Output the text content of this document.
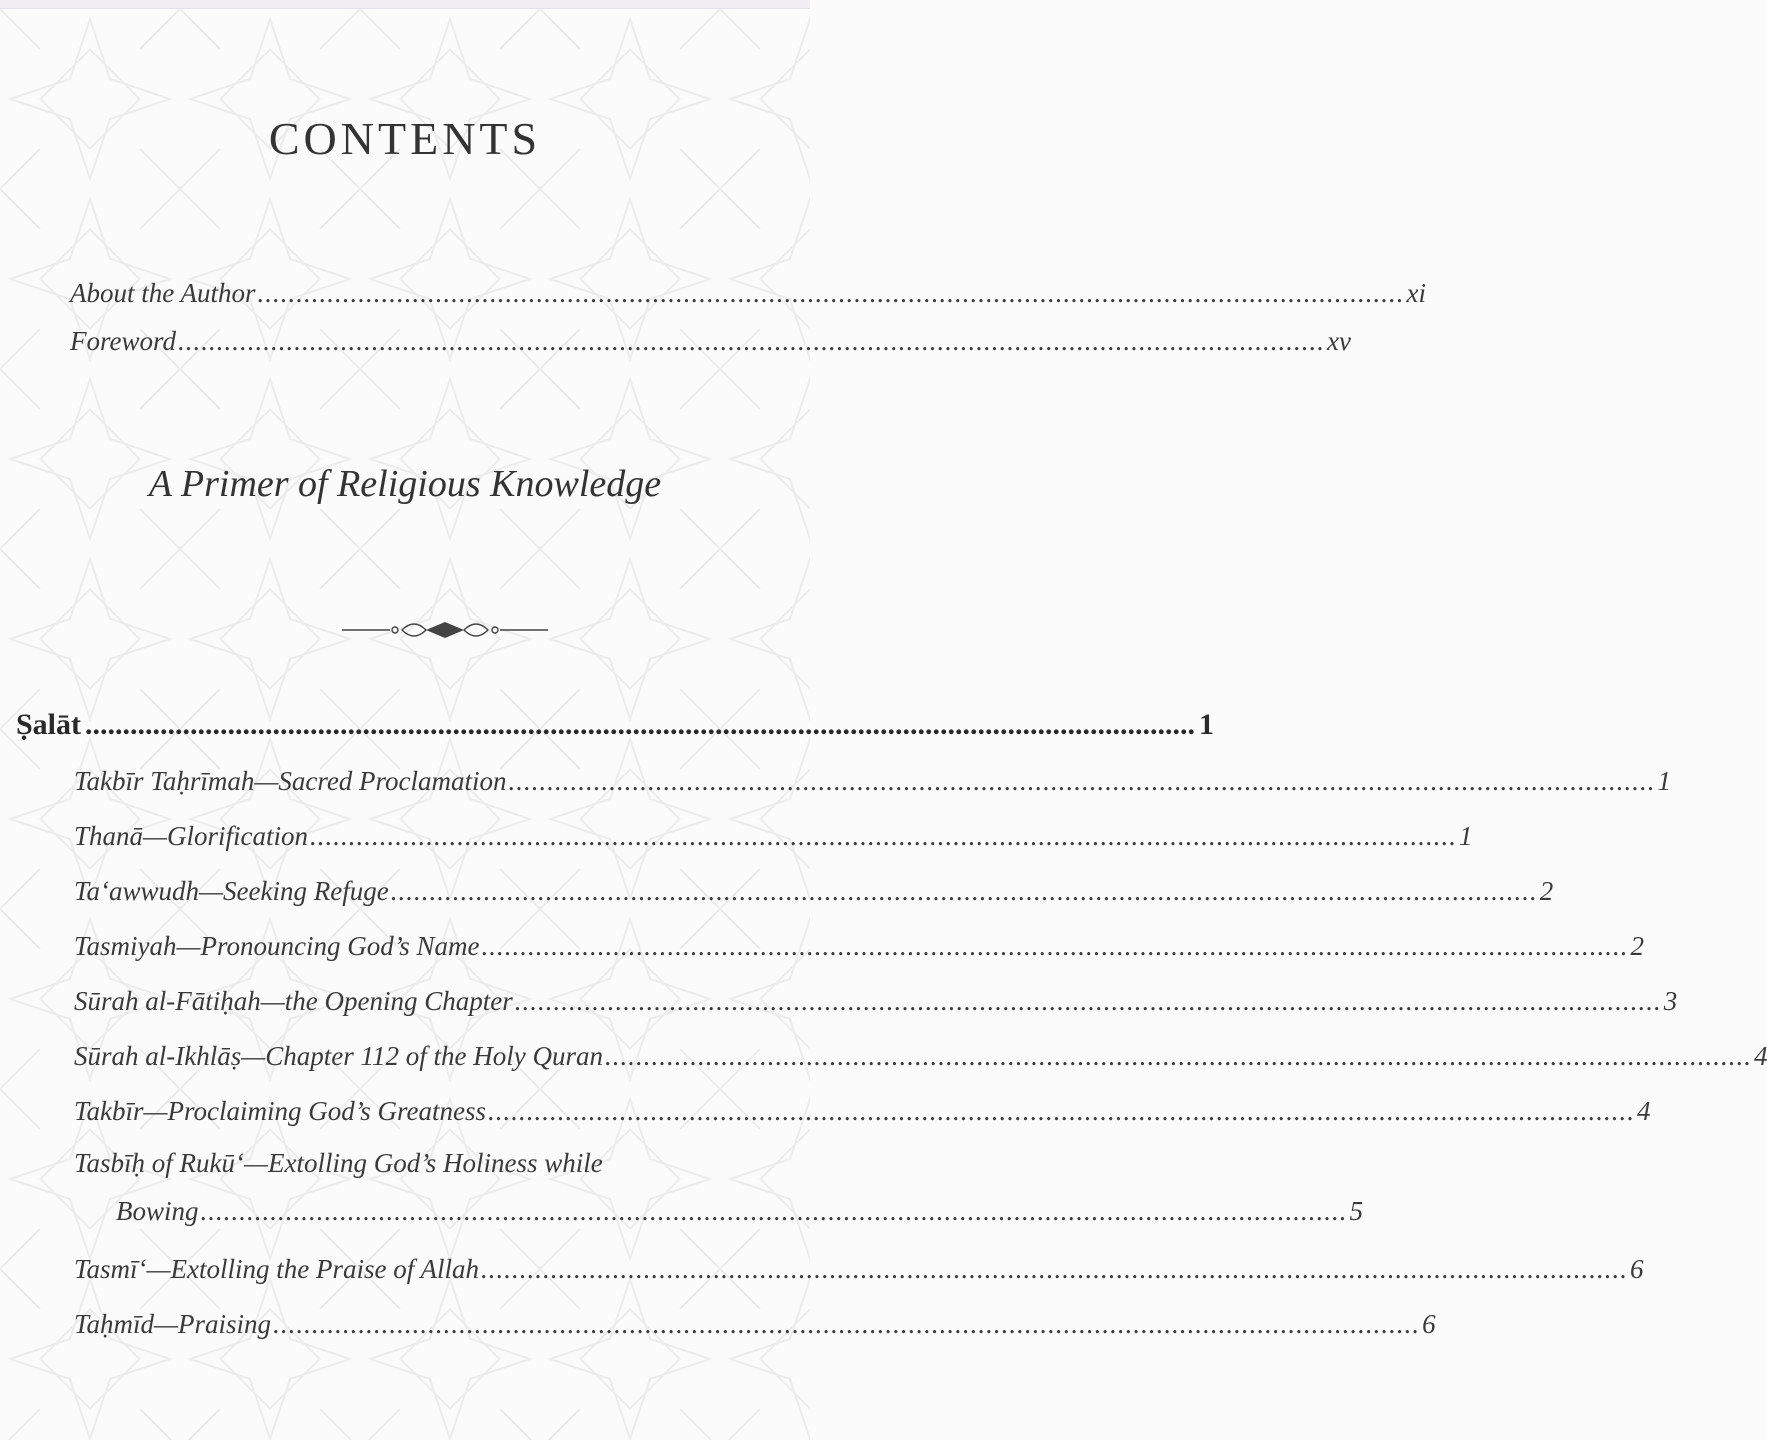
CONTENTS
About the Author .................................................................................................................................................... xi
Foreword .................................................................................................................................................... xv
A Primer of Religious Knowledge
Ṣalāt .................................................................................................................................................... 1
Takbīr Taḥrīmah—Sacred Proclamation .................................................................................................................................................... 1
Thanā—Glorification .................................................................................................................................................... 1
Ta‘awwudh—Seeking Refuge .................................................................................................................................................... 2
Tasmiyah—Pronouncing God’s Name .................................................................................................................................................... 2
Sūrah al-Fātiḥah—the Opening Chapter .................................................................................................................................................... 3
Sūrah al-Ikhlāṣ—Chapter 112 of the Holy Quran .................................................................................................................................................... 4
Takbīr—Proclaiming God’s Greatness .................................................................................................................................................... 4
Tasbīḥ of Rukū‘—Extolling God’s Holiness while
Bowing .................................................................................................................................................... 5
Tasmī‘—Extolling the Praise of Allah .................................................................................................................................................... 6
Taḥmīd—Praising .................................................................................................................................................... 6
